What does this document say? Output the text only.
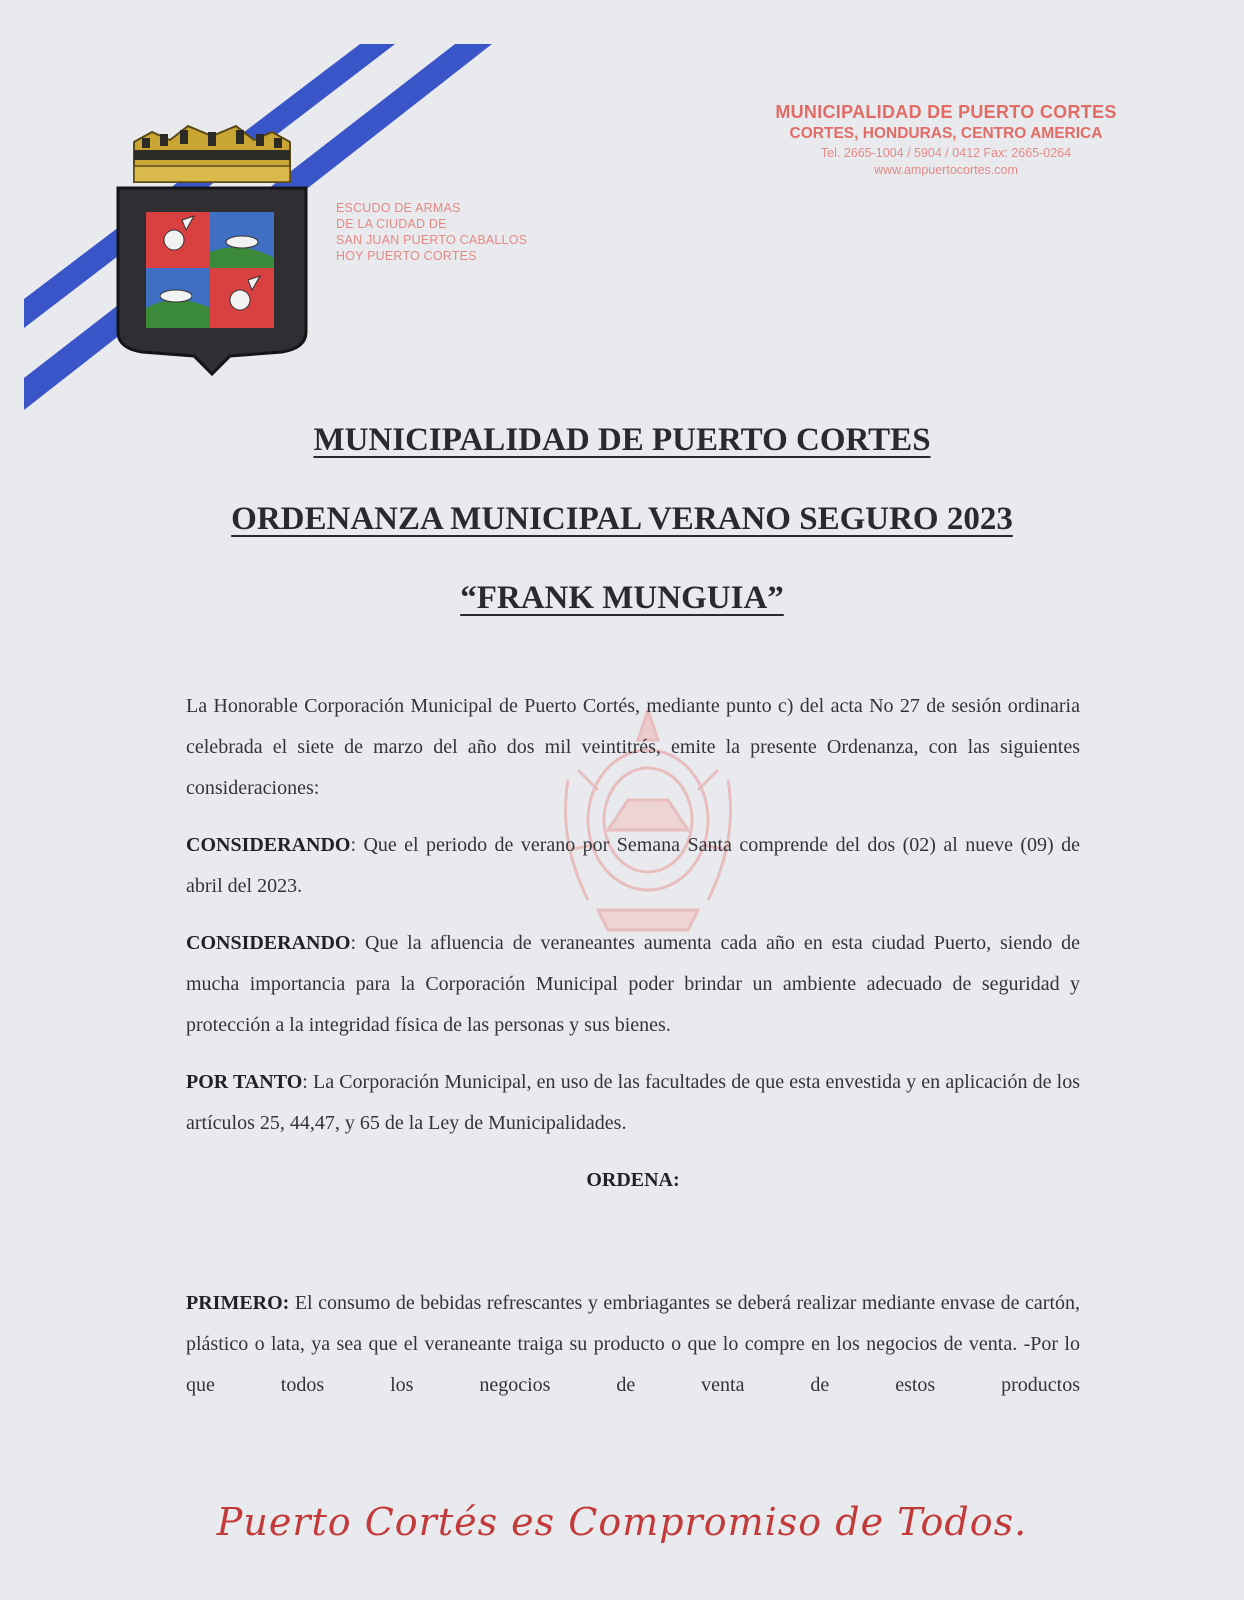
ESCUDO DE ARMAS
DE LA CIUDAD DE
SAN JUAN PUERTO CABALLOS
HOY PUERTO CORTES
MUNICIPALIDAD DE PUERTO CORTES
CORTES, HONDURAS, CENTRO AMERICA
Tel. 2665-1004 / 5904 / 0412 Fax: 2665-0264
www.ampuertocortes.com
MUNICIPALIDAD DE PUERTO CORTES
ORDENANZA MUNICIPAL VERANO SEGURO 2023
“FRANK MUNGUIA”

La Honorable Corporación Municipal de Puerto Cortés, mediante punto c) del acta No 27 de sesión ordinaria celebrada el siete de marzo del año dos mil veintitrés, emite la presente Ordenanza, con las siguientes consideraciones:

CONSIDERANDO: Que el periodo de verano por Semana Santa comprende del dos (02) al nueve (09) de abril del 2023.

CONSIDERANDO: Que la afluencia de veraneantes aumenta cada año en esta ciudad Puerto, siendo de mucha importancia para la Corporación Municipal poder brindar un ambiente adecuado de seguridad y protección a la integridad física de las personas y sus bienes.

POR TANTO: La Corporación Municipal, en uso de las facultades de que esta envestida y en aplicación de los artículos 25, 44,47, y 65 de la Ley de Municipalidades.

ORDENA:

PRIMERO: El consumo de bebidas refrescantes y embriagantes se deberá realizar mediante envase de cartón, plástico o lata, ya sea que el veraneante traiga su producto o que lo compre en los negocios de venta. -Por lo que todos los negocios de venta de estos productos

Puerto Cortés es Compromiso de Todos.
